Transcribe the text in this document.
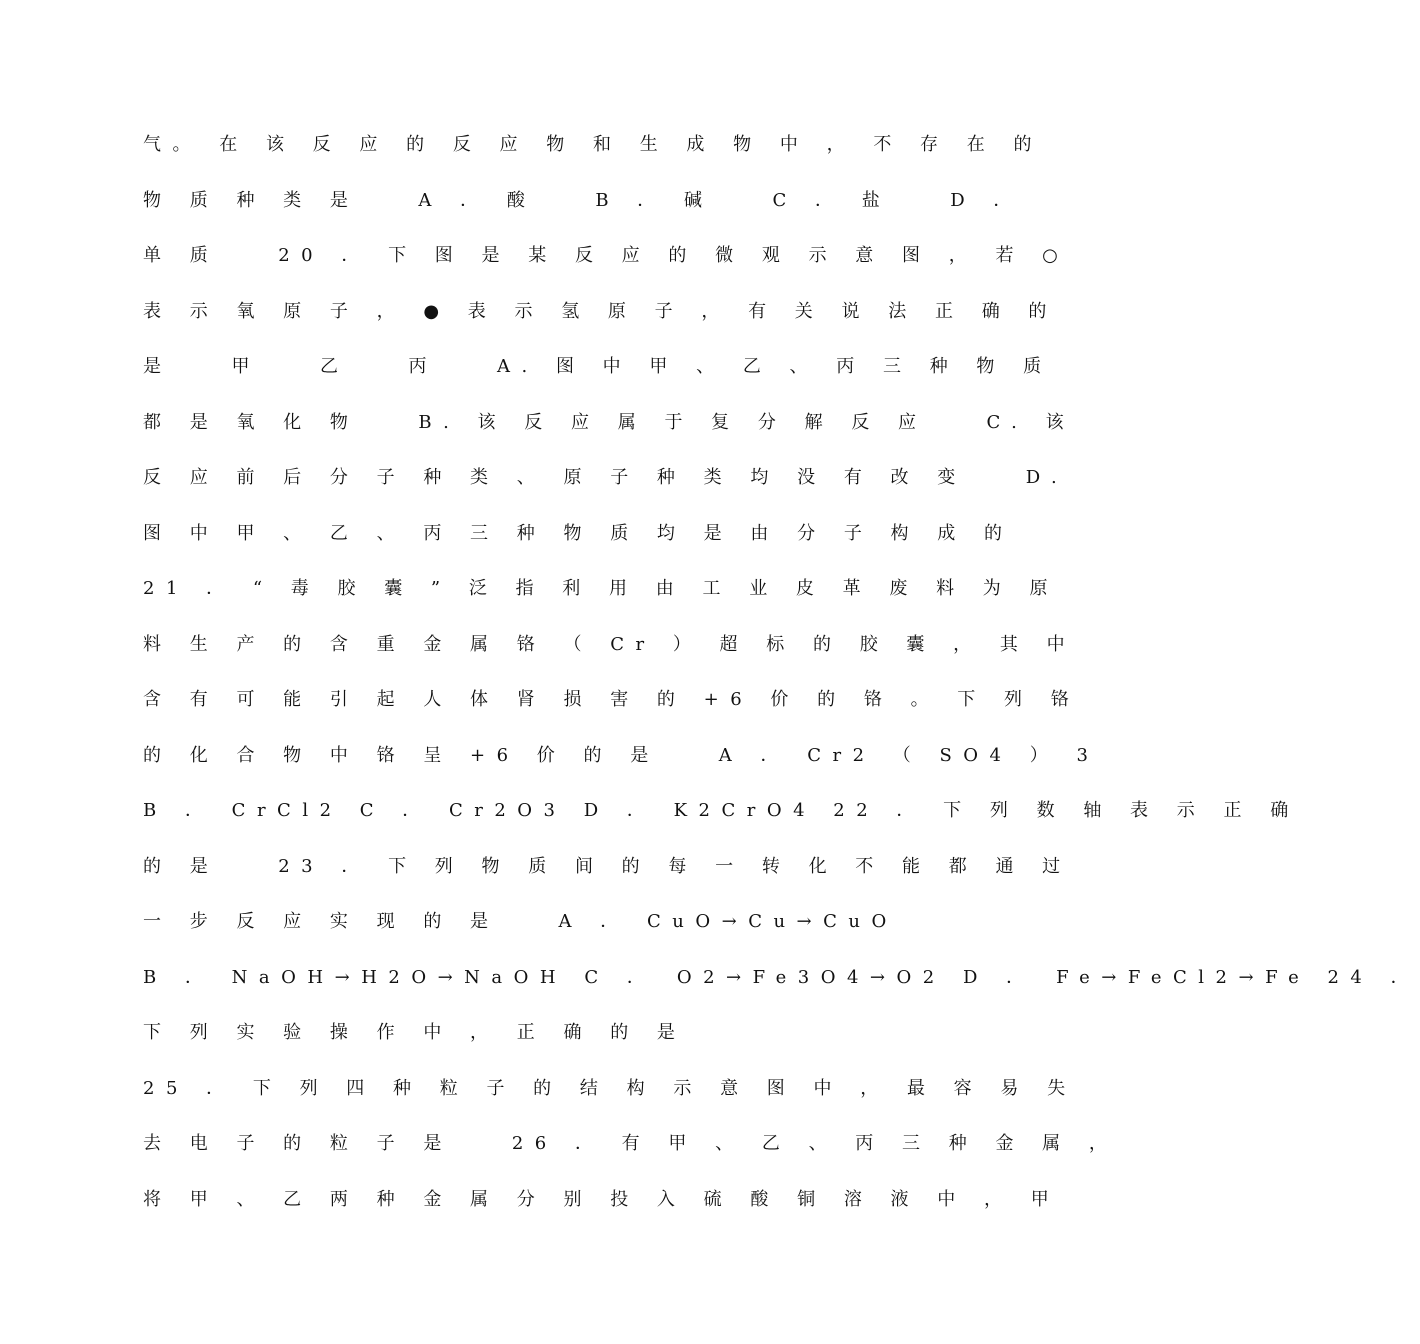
气。 在 该 反 应 的 反 应 物 和 生 成 物 中 ， 不 存 在 的
物 质 种 类 是　　A ． 酸　　B ． 碱　　C ． 盐　　D ．
单 质　　20 ． 下 图 是 某 反 应 的 微 观 示 意 图 ， 若 ○
表 示 氧 原 子 ， ● 表 示 氢 原 子 ， 有 关 说 法 正 确 的
是　　甲　　乙　　丙　　A. 图 中 甲 、 乙 、 丙 三 种 物 质
都 是 氧 化 物　　B. 该 反 应 属 于 复 分 解 反 应　　C. 该
反 应 前 后 分 子 种 类 、 原 子 种 类 均 没 有 改 变　　D.
图 中 甲 、 乙 、 丙 三 种 物 质 均 是 由 分 子 构 成 的
21 ． “ 毒 胶 囊 ” 泛 指 利 用 由 工 业 皮 革 废 料 为 原
料 生 产 的 含 重 金 属 铬 （ Cr ） 超 标 的 胶 囊 ， 其 中
含 有 可 能 引 起 人 体 肾 损 害 的 +6 价 的 铬 。 下 列 铬
的 化 合 物 中 铬 呈 +6 价 的 是　　A ． Cr2 （ SO4 ） 3
B ． CrCl2 C ． Cr2O3 D ． K2CrO4 22 ． 下 列 数 轴 表 示 正 确
的 是　　23 ． 下 列 物 质 间 的 每 一 转 化 不 能 都 通 过
一 步 反 应 实 现 的 是　　A ． CuO→Cu→CuO
B ． NaOH→H2O→NaOH C ．　O2→Fe3O4→O2 D ．　Fe→FeCl2→Fe 24 ．
下 列 实 验 操 作 中 ， 正 确 的 是
25 ． 下 列 四 种 粒 子 的 结 构 示 意 图 中 ， 最 容 易 失
去 电 子 的 粒 子 是　　26 ． 有 甲 、 乙 、 丙 三 种 金 属 ，
将 甲 、 乙 两 种 金 属 分 别 投 入 硫 酸 铜 溶 液 中 ， 甲
